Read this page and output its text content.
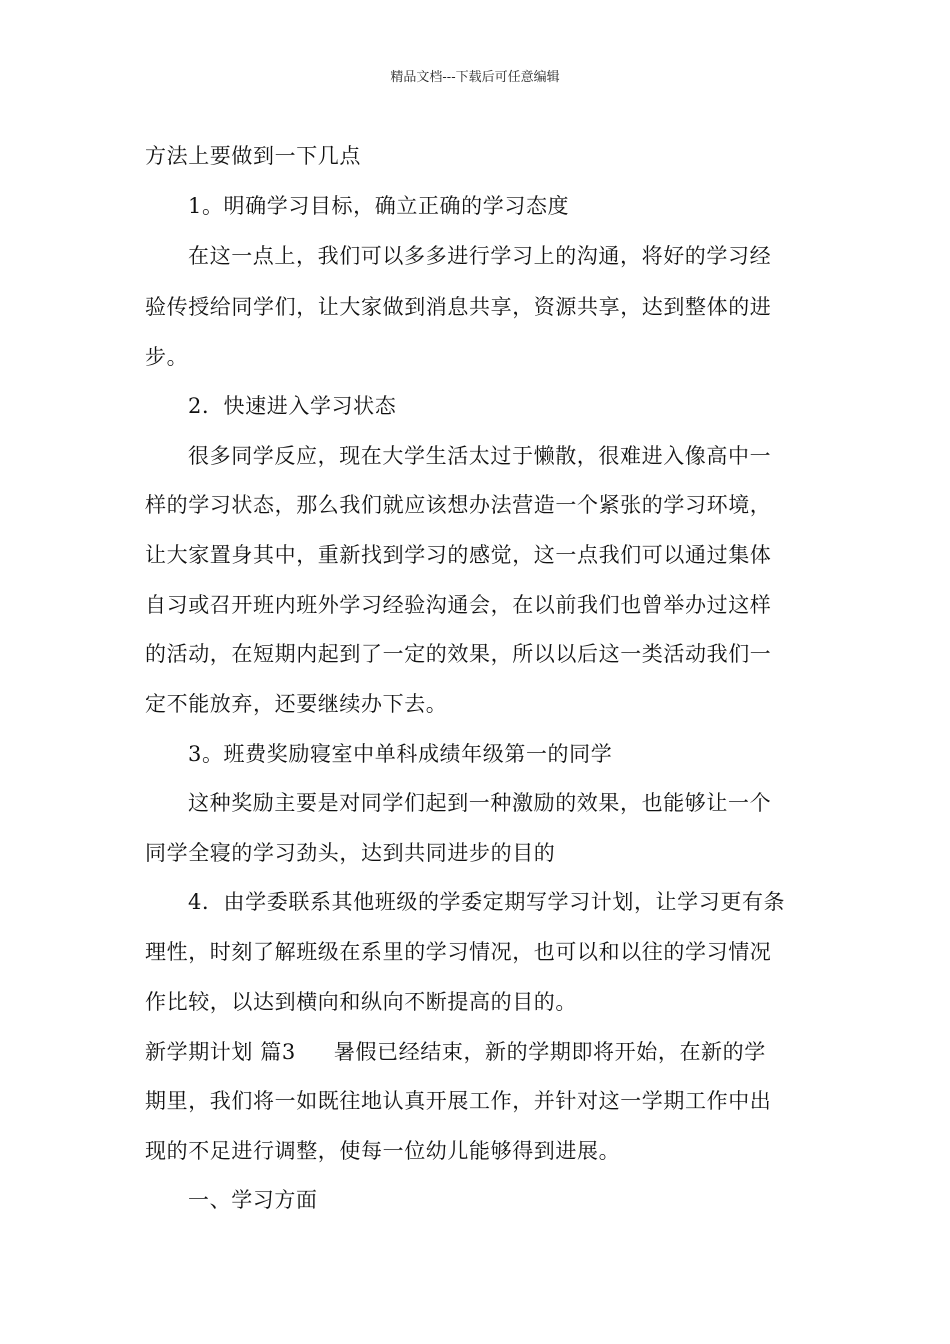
精品文档---下载后可任意编辑
方法上要做到一下几点
1。明确学习目标，确立正确的学习态度
在这一点上，我们可以多多进行学习上的沟通，将好的学习经
验传授给同学们，让大家做到消息共享，资源共享，达到整体的进
步。
2．快速进入学习状态
很多同学反应，现在大学生活太过于懒散，很难进入像高中一
样的学习状态，那么我们就应该想办法营造一个紧张的学习环境，
让大家置身其中，重新找到学习的感觉，这一点我们可以通过集体
自习或召开班内班外学习经验沟通会，在以前我们也曾举办过这样
的活动，在短期内起到了一定的效果，所以以后这一类活动我们一
定不能放弃，还要继续办下去。
3。班费奖励寝室中单科成绩年级第一的同学
这种奖励主要是对同学们起到一种激励的效果，也能够让一个
同学全寝的学习劲头，达到共同进步的目的
4．由学委联系其他班级的学委定期写学习计划，让学习更有条
理性，时刻了解班级在系里的学习情况，也可以和以往的学习情况
作比较，以达到横向和纵向不断提高的目的。
新学期计划 篇3 暑假已经结束，新的学期即将开始，在新的学
期里，我们将一如既往地认真开展工作，并针对这一学期工作中出
现的不足进行调整，使每一位幼儿能够得到进展。
一、学习方面
